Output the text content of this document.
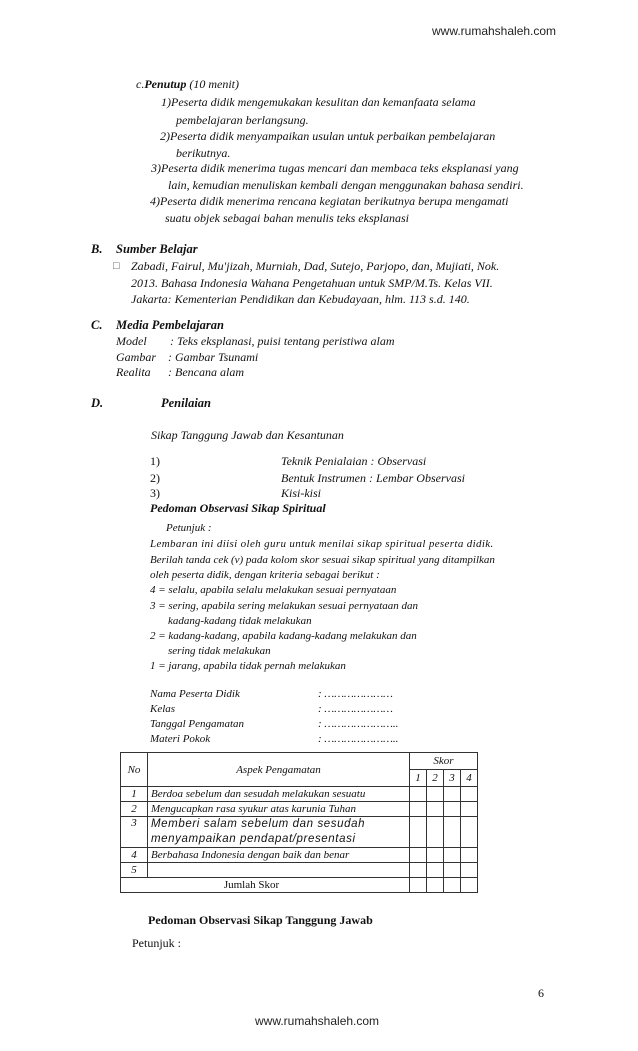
www.rumahshaleh.com
c.Penutup (10 menit)
1)Peserta didik mengemukakan kesulitan dan kemanfaata selama
pembelajaran berlangsung.
2)Peserta didik menyampaikan usulan untuk perbaikan pembelajaran
berikutnya.
3)Peserta didik menerima tugas mencari dan membaca teks eksplanasi yang
lain, kemudian menuliskan kembali dengan menggunakan bahasa sendiri.
4)Peserta didik menerima rencana kegiatan berikutnya berupa mengamati
suatu objek sebagai bahan menulis teks eksplanasi
B. Sumber Belajar
□ Zabadi, Fairul, Mu'jizah, Murniah, Dad, Sutejo, Parjopo, dan, Mujiati, Nok.
2013. Bahasa Indonesia Wahana Pengetahuan untuk SMP/M.Ts. Kelas VII.
Jakarta: Kementerian Pendidikan dan Kebudayaan, hlm. 113 s.d. 140.
C. Media Pembelajaran
Model : Teks eksplanasi, puisi tentang peristiwa alam
Gambar : Gambar Tsunami
Realita : Bencana alam
D.	Penilaian
Sikap Tanggung Jawab dan Kesantunan
1)	Teknik Penialaian : Observasi
2)	Bentuk Instrumen : Lembar Observasi
3)	Kisi-kisi
Pedoman Observasi Sikap Spiritual
Petunjuk :
Lembaran ini diisi oleh guru untuk menilai sikap spiritual peserta didik.
Berilah tanda cek (v) pada kolom skor sesuai sikap spiritual yang ditampilkan
oleh peserta didik, dengan kriteria sebagai berikut :
4 = selalu, apabila selalu melakukan sesuai pernyataan
3 = sering, apabila sering melakukan sesuai pernyataan dan
kadang-kadang tidak melakukan
2 = kadang-kadang, apabila kadang-kadang melakukan dan
sering tidak melakukan
1 = jarang, apabila tidak pernah melakukan
Nama Peserta Didik	: …………………
Kelas	: …………………
Tanggal Pengamatan	: …………………..
Materi Pokok	: …………………..
No	Aspek Pengamatan	Skor			
		1	2	3	4
1	Berdoa sebelum dan sesudah melakukan sesuatu				
2	Mengucapkan rasa syukur atas karunia Tuhan				
3	Memberi salam sebelum dan sesudah
menyampaikan pendapat/presentasi				

4	Berbahasa Indonesia dengan baik dan benar				
5					
Jumlah Skor					
Pedoman Observasi Sikap Tanggung Jawab
Petunjuk :
6
www.rumahshaleh.com
